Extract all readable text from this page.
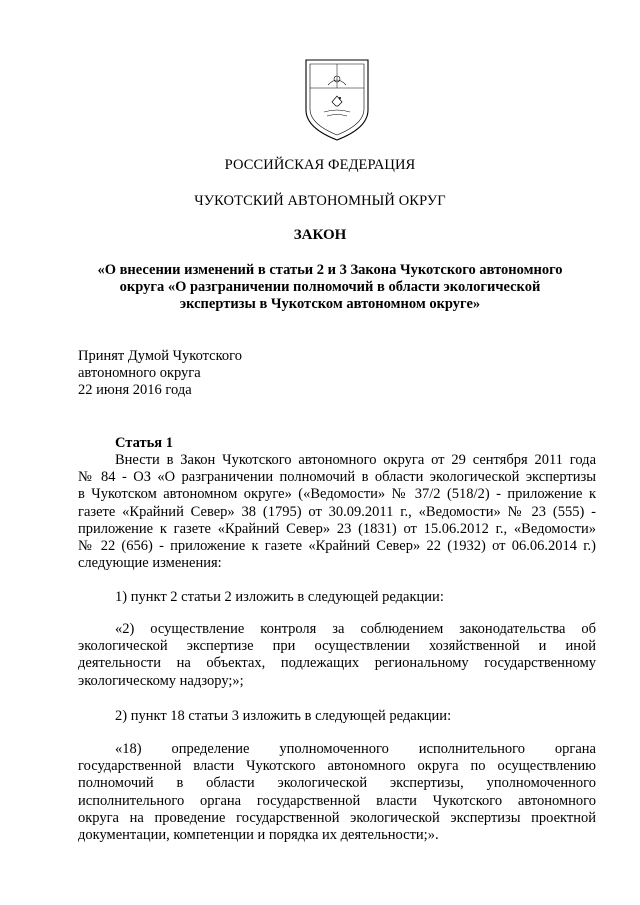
РОССИЙСКАЯ ФЕДЕРАЦИЯ
ЧУКОТСКИЙ АВТОНОМНЫЙ ОКРУГ
ЗАКОН
«О внесении изменений в статьи 2 и 3 Закона Чукотского автономного
округа «О разграничении полномочий в области экологической
экспертизы в Чукотском автономном округе»
Принят Думой Чукотского
автономного округа
22 июня 2016 года
Статья 1
Внести в Закон Чукотского автономного округа от 29 сентября 2011 года
№ 84 - ОЗ «О разграничении полномочий в области экологической экспертизы
в Чукотском автономном округе» («Ведомости» № 37/2 (518/2) - приложение к
газете «Крайний Север» 38 (1795) от 30.09.2011 г., «Ведомости» № 23 (555) -
приложение к газете «Крайний Север» 23 (1831) от 15.06.2012 г., «Ведомости»
№ 22 (656) - приложение к газете «Крайний Север» 22 (1932) от 06.06.2014 г.)
следующие изменения:
1) пункт 2 статьи 2 изложить в следующей редакции:
«2) осуществление контроля за соблюдением законодательства об
экологической экспертизе при осуществлении хозяйственной и иной
деятельности на объектах, подлежащих региональному государственному
экологическому надзору;»;
2) пункт 18 статьи 3 изложить в следующей редакции:
«18) определение уполномоченного исполнительного органа
государственной власти Чукотского автономного округа по осуществлению
полномочий в области экологической экспертизы, уполномоченного
исполнительного органа государственной власти Чукотского автономного
округа на проведение государственной экологической экспертизы проектной
документации, компетенции и порядка их деятельности;».
